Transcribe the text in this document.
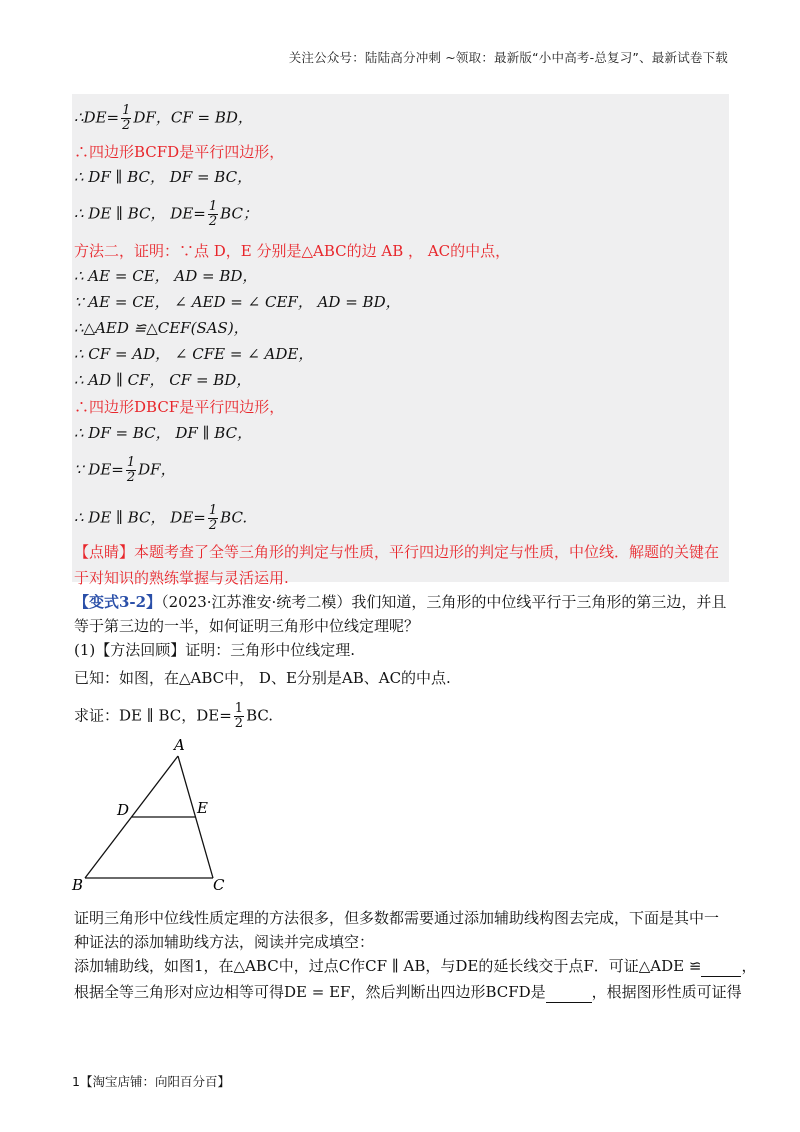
关注公众号：陆陆高分冲刺 ~领取：最新版“小中高考-总复习”、最新试卷下载
∴DE= $\frac{1}{2}$ DF，CF = BD，
∴四边形BCFD是平行四边形，
∴ DF ∥ BC， DF = BC，
∴ DE ∥ BC， $DE= \frac{1}{2}$ BC；
方法二，证明：∵点 D，E 分别是△ABC的边 AB ， AC的中点，
∴ AE = CE， AD = BD，
∵ AE = CE， ∠ AED = ∠ CEF， AD = BD，
∴△AED ≌△CEF(SAS)，
∴ CF = AD， ∠ CFE = ∠ ADE，
∴ AD ∥ CF， CF = BD，
∴四边形DBCF是平行四边形，
∴ DF = BC， DF ∥ BC，
∵ $DE= \frac{1}{2}$ DF，
∴ DE ∥ BC， $DE= \frac{1}{2}$ BC.
【点睛】本题考查了全等三角形的判定与性质，平行四边形的判定与性质，中位线．解题的关键在于对知识的熟练掌握与灵活运用.
【变式3-2】（2023·江苏淮安·统考二模）我们知道，三角形的中位线平行于三角形的第三边，并且等于第三边的一半，如何证明三角形中位线定理呢？
(1)【方法回顾】证明：三角形中位线定理.
已知：如图，在△ABC中， D、E分别是AB、AC的中点.
求证：DE ∥ BC，$DE= \frac{1}{2}$ BC.
A
B	C
D	E
证明三角形中位线性质定理的方法很多，但多数都需要通过添加辅助线构图去完成，下面是其中一种证法的添加辅助线方法，阅读并完成填空：
添加辅助线，如图1，在△ABC中，过点C作CF ∥ AB，与DE的延长线交于点F．可证△ADE ≌	，
根据全等三角形对应边相等可得DE = EF，然后判断出四边形BCFD是	，根据图形性质可证得
1【淘宝店铺：向阳百分百】
